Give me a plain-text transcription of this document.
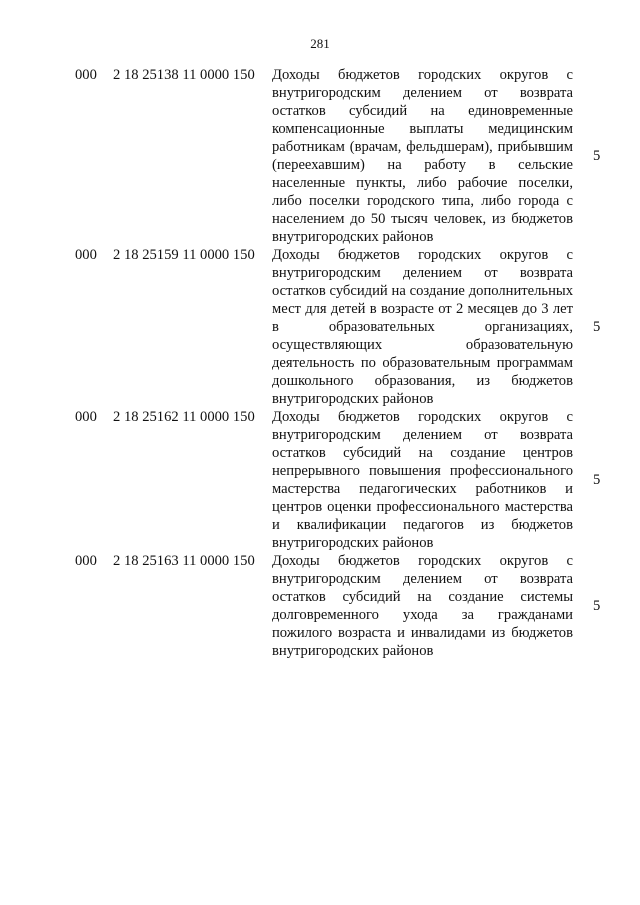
281
000 2 18 25138 11 0000 150 Доходы бюджетов городских округов с внутригородским делением от возврата остатков субсидий на единовременные компенсационные выплаты медицинским работникам (врачам, фельдшерам), прибывшим (переехавшим) на работу в сельские населенные пункты, либо рабочие поселки, либо поселки городского типа, либо города с населением до 50 тысяч человек, из бюджетов внутригородских районов
5
000 2 18 25159 11 0000 150 Доходы бюджетов городских округов с внутригородским делением от возврата остатков субсидий на создание дополнительных мест для детей в возрасте от 2 месяцев до 3 лет в образовательных организациях, осуществляющих образовательную деятельность по образовательным программам дошкольного образования, из бюджетов внутригородских районов
5
000 2 18 25162 11 0000 150 Доходы бюджетов городских округов с внутригородским делением от возврата остатков субсидий на создание центров непрерывного повышения профессионального мастерства педагогических работников и центров оценки профессионального мастерства и квалификации педагогов из бюджетов внутригородских районов
5
000 2 18 25163 11 0000 150 Доходы бюджетов городских округов с внутригородским делением от возврата остатков субсидий на создание системы долговременного ухода за гражданами пожилого возраста и инвалидами из бюджетов внутригородских районов
5
